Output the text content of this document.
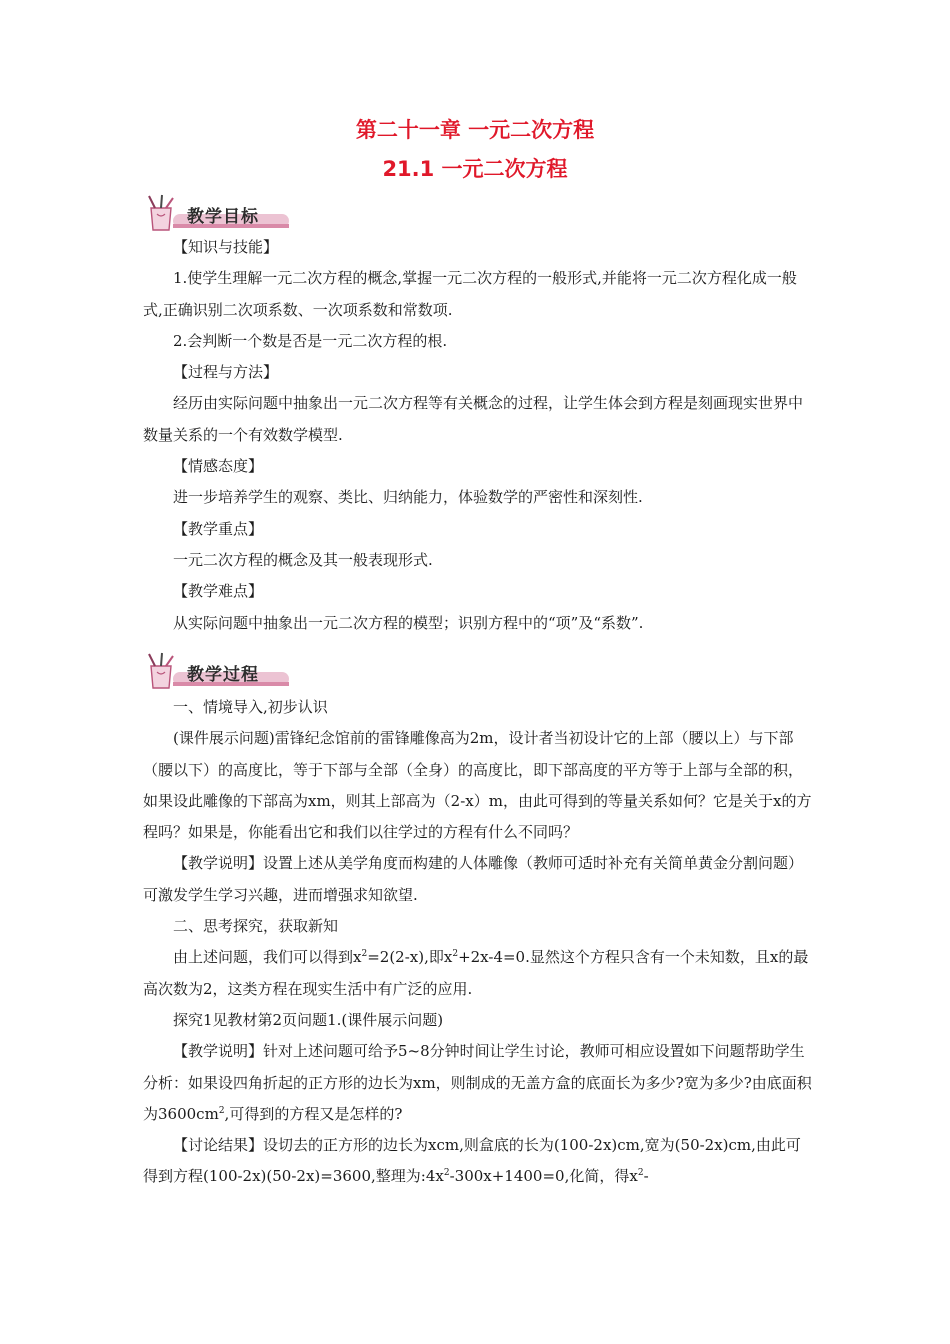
第二十一章 一元二次方程
21.1 一元二次方程
教学目标

【知识与技能】

1.使学生理解一元二次方程的概念,掌握一元二次方程的一般形式,并能将一元二次方程化成一般式,正确识别二次项系数、一次项系数和常数项.

2.会判断一个数是否是一元二次方程的根.

【过程与方法】

经历由实际问题中抽象出一元二次方程等有关概念的过程，让学生体会到方程是刻画现实世界中数量关系的一个有效数学模型.

【情感态度】

进一步培养学生的观察、类比、归纳能力，体验数学的严密性和深刻性.

【教学重点】

一元二次方程的概念及其一般表现形式.

【教学难点】

从实际问题中抽象出一元二次方程的模型；识别方程中的“项”及“系数”.

教学过程

一、情境导入,初步认识

(课件展示问题)雷锋纪念馆前的雷锋雕像高为2m，设计者当初设计它的上部（腰以上）与下部（腰以下）的高度比，等于下部与全部（全身）的高度比，即下部高度的平方等于上部与全部的积，如果设此雕像的下部高为xm，则其上部高为（2-x）m，由此可得到的等量关系如何？它是关于x的方程吗？如果是，你能看出它和我们以往学过的方程有什么不同吗？

【教学说明】设置上述从美学角度而构建的人体雕像（教师可适时补充有关简单黄金分割问题）可激发学生学习兴趣，进而增强求知欲望.

二、思考探究，获取新知

由上述问题，我们可以得到$x^2=2(2-x)$,即$x^2+2x-4=0$.显然这个方程只含有一个未知数，且x的最高次数为2，这类方程在现实生活中有广泛的应用.

探究1见教材第2页问题1.(课件展示问题)

【教学说明】针对上述问题可给予5~8分钟时间让学生讨论，教师可相应设置如下问题帮助学生分析：如果设四角折起的正方形的边长为xm，则制成的无盖方盒的底面长为多少?宽为多少?由底面积为$3600cm^2$,可得到的方程又是怎样的?

【讨论结果】设切去的正方形的边长为xcm,则盒底的长为(100-2x)cm,宽为(50-2x)cm,由此可得到方程(100-2x)(50-2x)=3600,整理为$:4x^2-300x+1400=0$,化简，得$x^2-$
